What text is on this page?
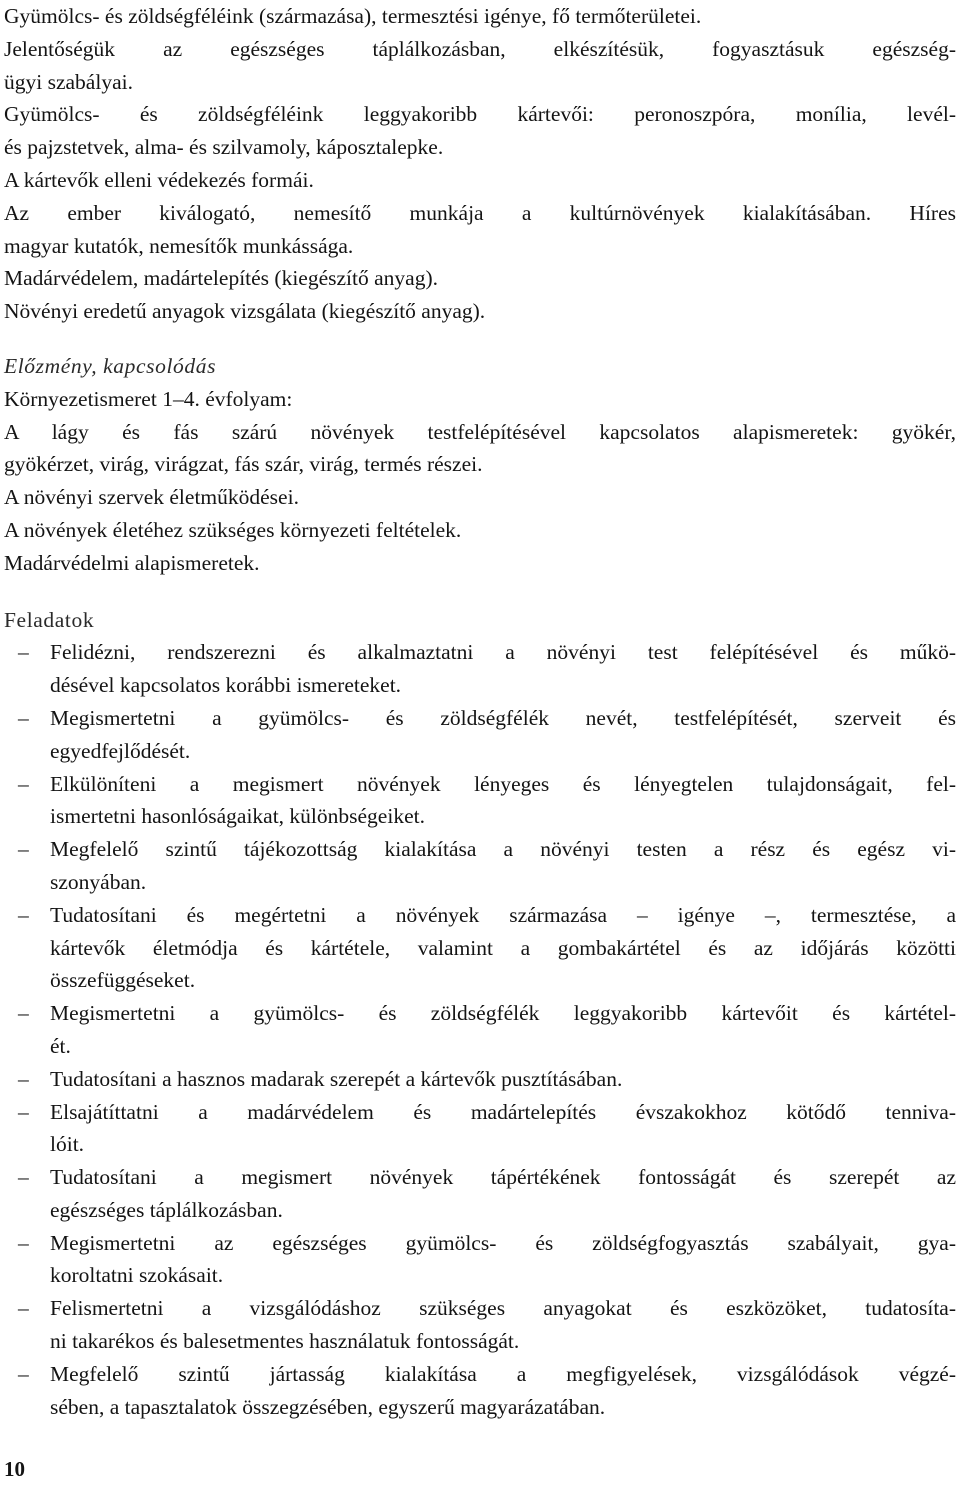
Gyümölcs- és zöldségféléink (származása), termesztési igénye, fő termőterületei.
Jelentőségük az egészséges táplálkozásban, elkészítésük, fogyasztásuk egészség-
ügyi szabályai.
Gyümölcs- és zöldségféléink leggyakoribb kártevői: peronoszpóra, monília, levél-
és pajzstetvek, alma- és szilvamoly, káposztalepke.
A kártevők elleni védekezés formái.
Az ember kiválogató, nemesítő munkája a kultúrnövények kialakításában. Híres
magyar kutatók, nemesítők munkássága.
Madárvédelem, madártelepítés (kiegészítő anyag).
Növényi eredetű anyagok vizsgálata (kiegészítő anyag).
Előzmény, kapcsolódás
Környezetismeret 1–4. évfolyam:
A lágy és fás szárú növények testfelépítésével kapcsolatos alapismeretek: gyökér,
gyökérzet, virág, virágzat, fás szár, virág, termés részei.
A növényi szervek életműködései.
A növények életéhez szükséges környezeti feltételek.
Madárvédelmi alapismeretek.
Feladatok
– Felidézni, rendszerezni és alkalmaztatni a növényi test felépítésével és műkö-
désével kapcsolatos korábbi ismereteket.
– Megismertetni a gyümölcs- és zöldségfélék nevét, testfelépítését, szerveit és
egyedfejlődését.
– Elkülöníteni a megismert növények lényeges és lényegtelen tulajdonságait, fel-
ismertetni hasonlóságaikat, különbségeiket.
– Megfelelő szintű tájékozottság kialakítása a növényi testen a rész és egész vi-
szonyában.
– Tudatosítani és megértetni a növények származása – igénye –, termesztése, a
kártevők életmódja és kártétele, valamint a gombakártétel és az időjárás közötti
összefüggéseket.
– Megismertetni a gyümölcs- és zöldségfélék leggyakoribb kártevőit és kártétel-
ét.
– Tudatosítani a hasznos madarak szerepét a kártevők pusztításában.
– Elsajátíttatni a madárvédelem és madártelepítés évszakokhoz kötődő tenniva-
lóit.
– Tudatosítani a megismert növények tápértékének fontosságát és szerepét az
egészséges táplálkozásban.
– Megismertetni az egészséges gyümölcs- és zöldségfogyasztás szabályait, gya-
koroltatni szokásait.
– Felismertetni a vizsgálódáshoz szükséges anyagokat és eszközöket, tudatosíta-
ni takarékos és balesetmentes használatuk fontosságát.
– Megfelelő szintű jártasság kialakítása a megfigyelések, vizsgálódások végzé-
sében, a tapasztalatok összegzésében, egyszerű magyarázatában.
10
